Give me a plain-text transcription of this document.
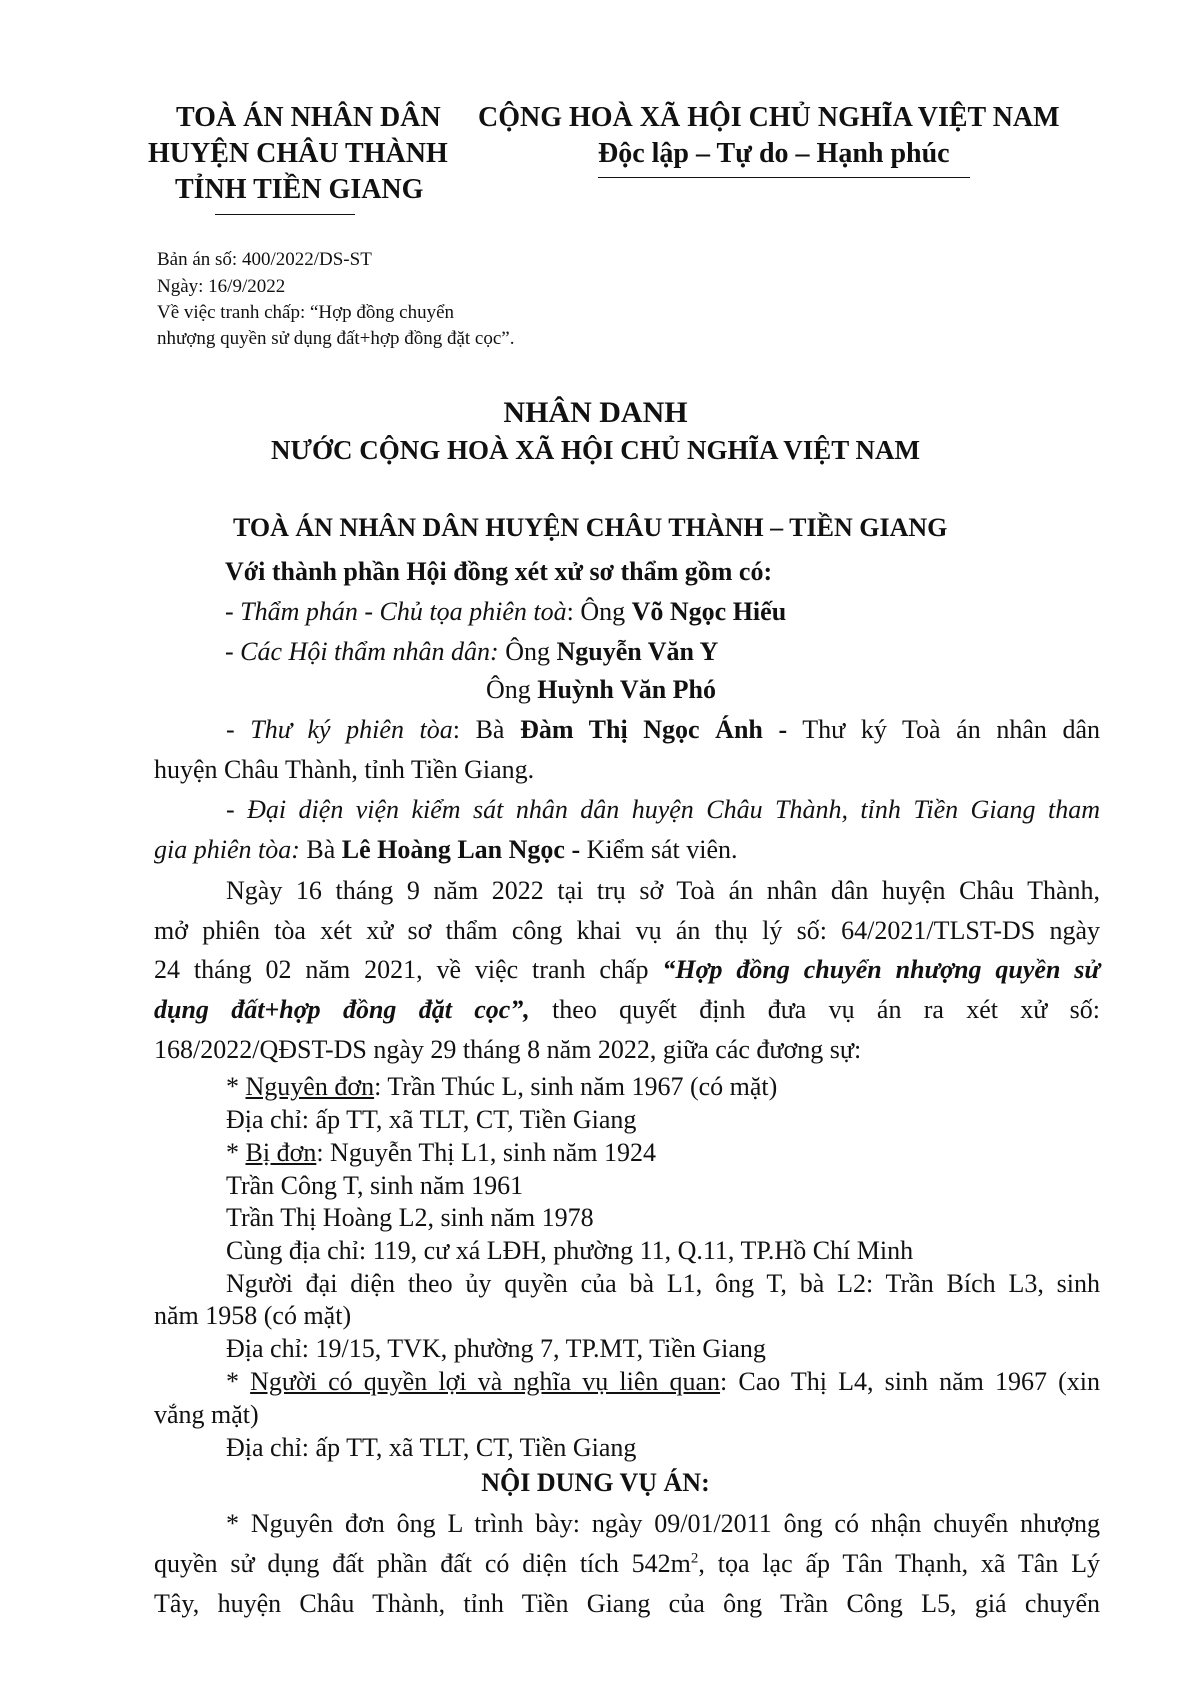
TOÀ ÁN NHÂN DÂN
HUYỆN CHÂU THÀNH
TỈNH TIỀN GIANG
CỘNG HOÀ XÃ HỘI CHỦ NGHĨA VIỆT NAM
Độc lập – Tự do – Hạnh phúc
Bản án số: 400/2022/DS-ST
Ngày: 16/9/2022
Về việc tranh chấp: “Hợp đồng chuyển
nhượng quyền sử dụng đất+hợp đồng đặt cọc”.
NHÂN DANH
NƯỚC CỘNG HOÀ XÃ HỘI CHỦ NGHĨA VIỆT NAM
TOÀ ÁN NHÂN DÂN HUYỆN CHÂU THÀNH – TIỀN GIANG
Với thành phần Hội đồng xét xử sơ thẩm gồm có:
- Thẩm phán - Chủ tọa phiên toà: Ông Võ Ngọc Hiếu
- Các Hội thẩm nhân dân: Ông Nguyễn Văn Y
Ông Huỳnh Văn Phó
- Thư ký phiên tòa: Bà Đàm Thị Ngọc Ánh - Thư ký Toà án nhân dân
huyện Châu Thành, tỉnh Tiền Giang.
- Đại diện viện kiểm sát nhân dân huyện Châu Thành, tỉnh Tiền Giang tham
gia phiên tòa: Bà Lê Hoàng Lan Ngọc - Kiểm sát viên.
Ngày 16 tháng 9 năm 2022 tại trụ sở Toà án nhân dân huyện Châu Thành,
mở phiên tòa xét xử sơ thẩm công khai vụ án thụ lý số: 64/2021/TLST-DS ngày
24 tháng 02 năm 2021, về việc tranh chấp “Hợp đồng chuyển nhượng quyền sử
dụng đất+hợp đồng đặt cọc”, theo quyết định đưa vụ án ra xét xử số:
168/2022/QĐST-DS ngày 29 tháng 8 năm 2022, giữa các đương sự:
* Nguyên đơn: Trần Thúc L, sinh năm 1967 (có mặt)
Địa chỉ: ấp TT, xã TLT, CT, Tiền Giang
* Bị đơn: Nguyễn Thị L1, sinh năm 1924
Trần Công T, sinh năm 1961
Trần Thị Hoàng L2, sinh năm 1978
Cùng địa chỉ: 119, cư xá LĐH, phường 11, Q.11, TP.Hồ Chí Minh
Người đại diện theo ủy quyền của bà L1, ông T, bà L2: Trần Bích L3, sinh
năm 1958 (có mặt)
Địa chỉ: 19/15, TVK, phường 7, TP.MT, Tiền Giang
* Người có quyền lợi và nghĩa vụ liên quan: Cao Thị L4, sinh năm 1967 (xin
vắng mặt)
Địa chỉ: ấp TT, xã TLT, CT, Tiền Giang
NỘI DUNG VỤ ÁN:
* Nguyên đơn ông L trình bày: ngày 09/01/2011 ông có nhận chuyển nhượng
quyền sử dụng đất phần đất có diện tích $542m^2$, tọa lạc ấp Tân Thạnh, xã Tân Lý
Tây, huyện Châu Thành, tỉnh Tiền Giang của ông Trần Công L5, giá chuyển
